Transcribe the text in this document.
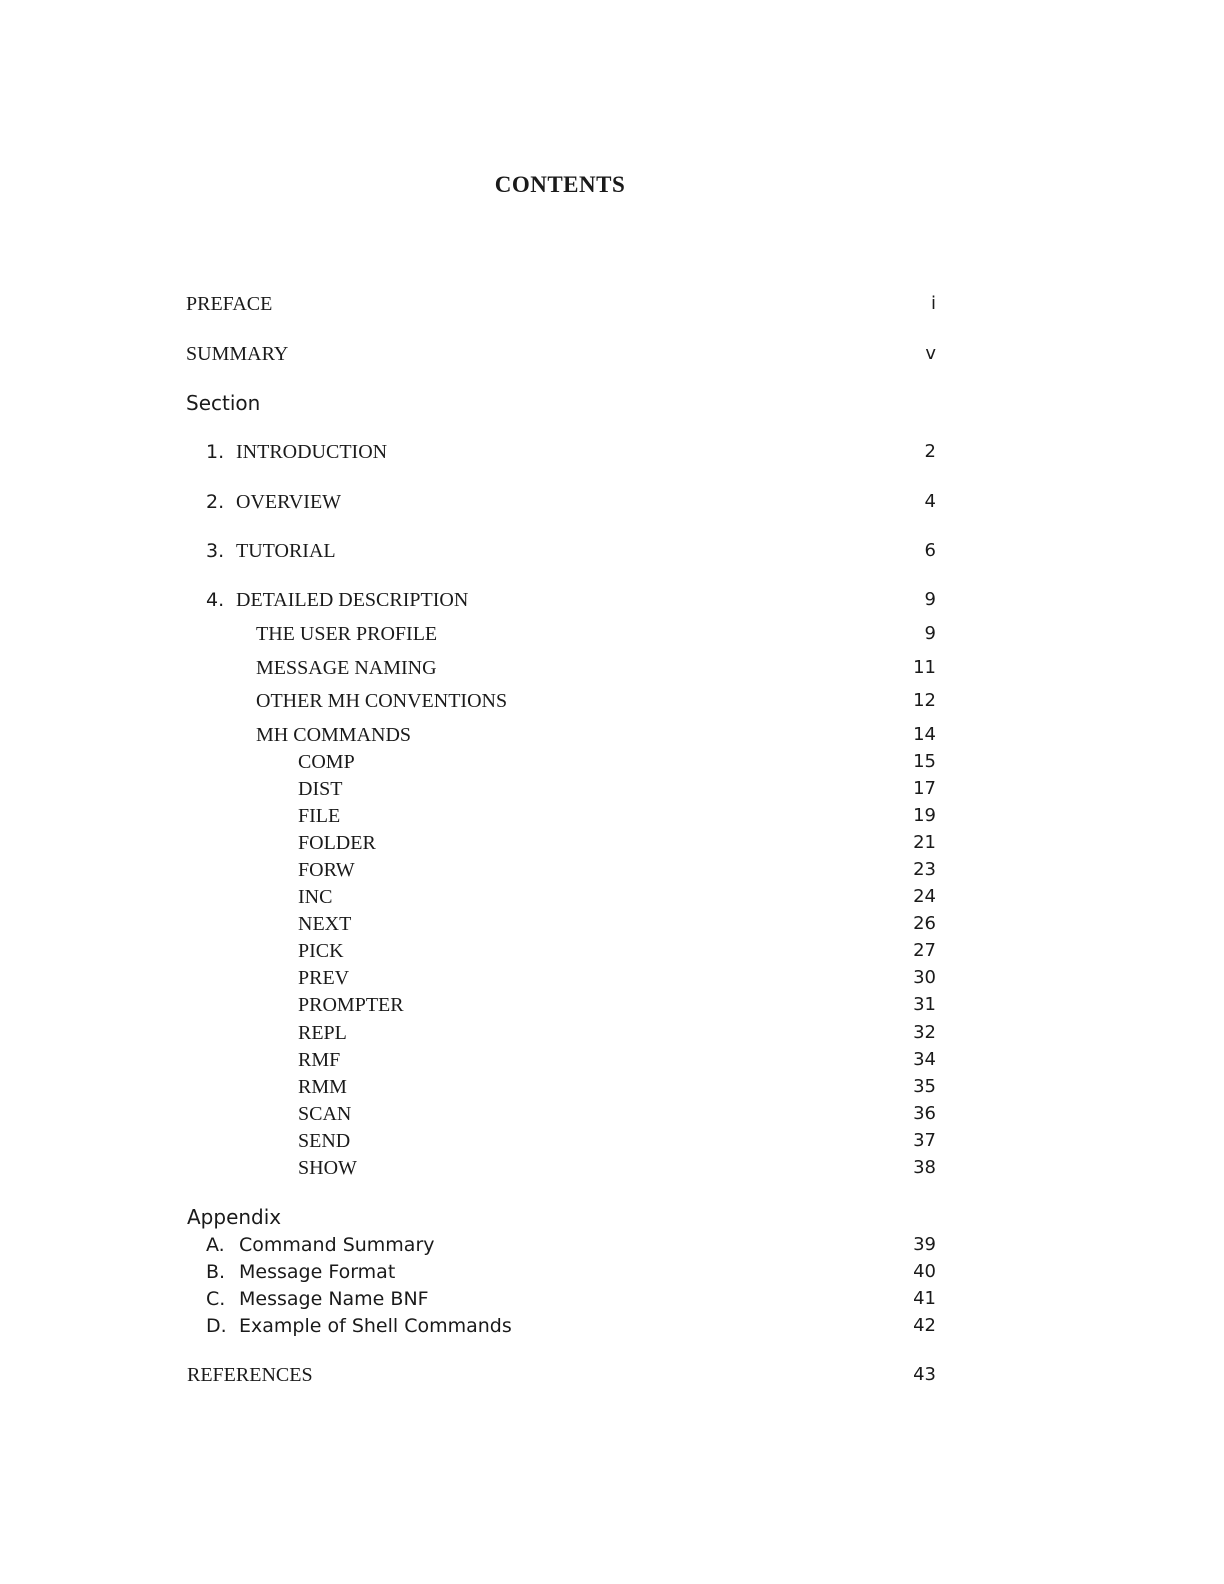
CONTENTS
PREFACE	i
SUMMARY	v
Section
1. INTRODUCTION	2
2. OVERVIEW	4
3. TUTORIAL	6
4. DETAILED DESCRIPTION	9
THE USER PROFILE	9
MESSAGE NAMING	11
OTHER MH CONVENTIONS	12
MH COMMANDS	14
COMP	15
DIST	17
FILE	19
FOLDER	21
FORW	23
INC	24
NEXT	26
PICK	27
PREV	30
PROMPTER	31
REPL	32
RMF	34
RMM	35
SCAN	36
SEND	37
SHOW	38
Appendix
A. Command Summary	39
B. Message Format	40
C. Message Name BNF	41
D. Example of Shell Commands	42
REFERENCES	43
